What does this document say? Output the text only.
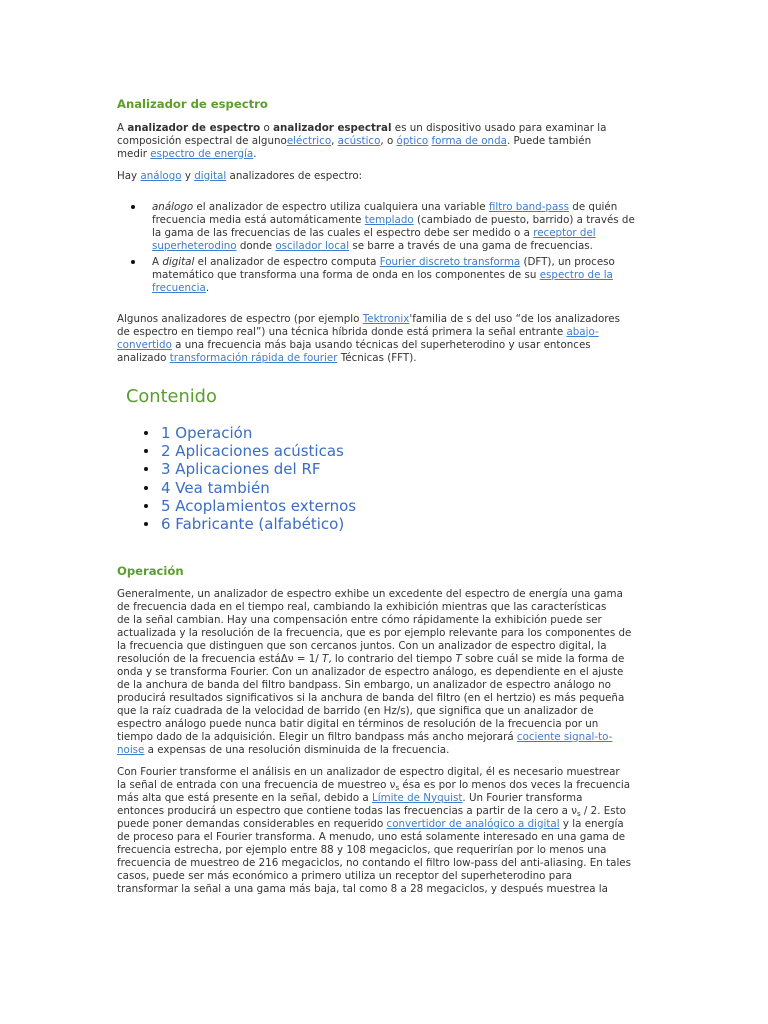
Analizador de espectro
A analizador de espectro o analizador espectral es un dispositivo usado para examinar la
composición espectral de algunoeléctrico, acústico, o óptico forma de onda. Puede también
medir espectro de energía.
Hay análogo y digital analizadores de espectro:
análogo el analizador de espectro utiliza cualquiera una variable filtro band-pass de quién
frecuencia media está automáticamente templado (cambiado de puesto, barrido) a través de
la gama de las frecuencias de las cuales el espectro debe ser medido o a receptor del
superheterodino donde oscilador local se barre a través de una gama de frecuencias.
A digital el analizador de espectro computa Fourier discreto transforma (DFT), un proceso
matemático que transforma una forma de onda en los componentes de su espectro de la
frecuencia.
Algunos analizadores de espectro (por ejemplo Tektronix'familia de s del uso “de los analizadores
de espectro en tiempo real”) una técnica híbrida donde está primera la señal entrante abajo-
convertido a una frecuencia más baja usando técnicas del superheterodino y usar entonces
analizado transformación rápida de fourier Técnicas (FFT).
Contenido
1 Operación
2 Aplicaciones acústicas
3 Aplicaciones del RF
4 Vea también
5 Acoplamientos externos
6 Fabricante (alfabético)
Operación
Generalmente, un analizador de espectro exhibe un excedente del espectro de energía una gama
de frecuencia dada en el tiempo real, cambiando la exhibición mientras que las características
de la señal cambian. Hay una compensación entre cómo rápidamente la exhibición puede ser
actualizada y la resolución de la frecuencia, que es por ejemplo relevante para los componentes de
la frecuencia que distinguen que son cercanos juntos. Con un analizador de espectro digital, la
resolución de la frecuencia estáΔν = 1/ T, lo contrario del tiempo T sobre cuál se mide la forma de
onda y se transforma Fourier. Con un analizador de espectro análogo, es dependiente en el ajuste
de la anchura de banda del filtro bandpass. Sin embargo, un analizador de espectro análogo no
producirá resultados significativos si la anchura de banda del filtro (en el hertzio) es más pequeña
que la raíz cuadrada de la velocidad de barrido (en Hz/s), que significa que un analizador de
espectro análogo puede nunca batir digital en términos de resolución de la frecuencia por un
tiempo dado de la adquisición. Elegir un filtro bandpass más ancho mejorará cociente signal-to-
noise a expensas de una resolución disminuida de la frecuencia.
Con Fourier transforme el análisis en un analizador de espectro digital, él es necesario muestrear
la señal de entrada con una frecuencia de muestreo $\nu_s$ ésa es por lo menos dos veces la frecuencia
más alta que está presente en la señal, debido a Límite de Nyquist. Un Fourier transforma
entonces producirá un espectro que contiene todas las frecuencias a partir de la cero a $\nu_s / 2$. Esto
puede poner demandas considerables en requerido convertidor de analógico a digital y la energía
de proceso para el Fourier transforma. A menudo, uno está solamente interesado en una gama de
frecuencia estrecha, por ejemplo entre 88 y 108 megaciclos, que requerirían por lo menos una
frecuencia de muestreo de 216 megaciclos, no contando el filtro low-pass del anti-aliasing. En tales
casos, puede ser más económico a primero utiliza un receptor del superheterodino para
transformar la señal a una gama más baja, tal como 8 a 28 megaciclos, y después muestrea la
